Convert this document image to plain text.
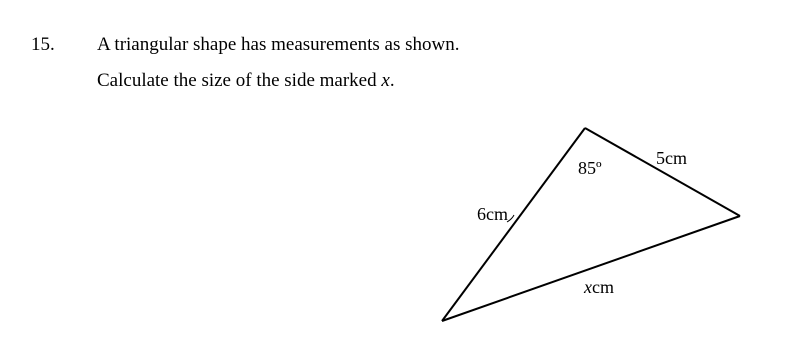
15. A triangular shape has measurements as shown.
Calculate the size of the side marked x.
85º
6cm
5cm
xcm
